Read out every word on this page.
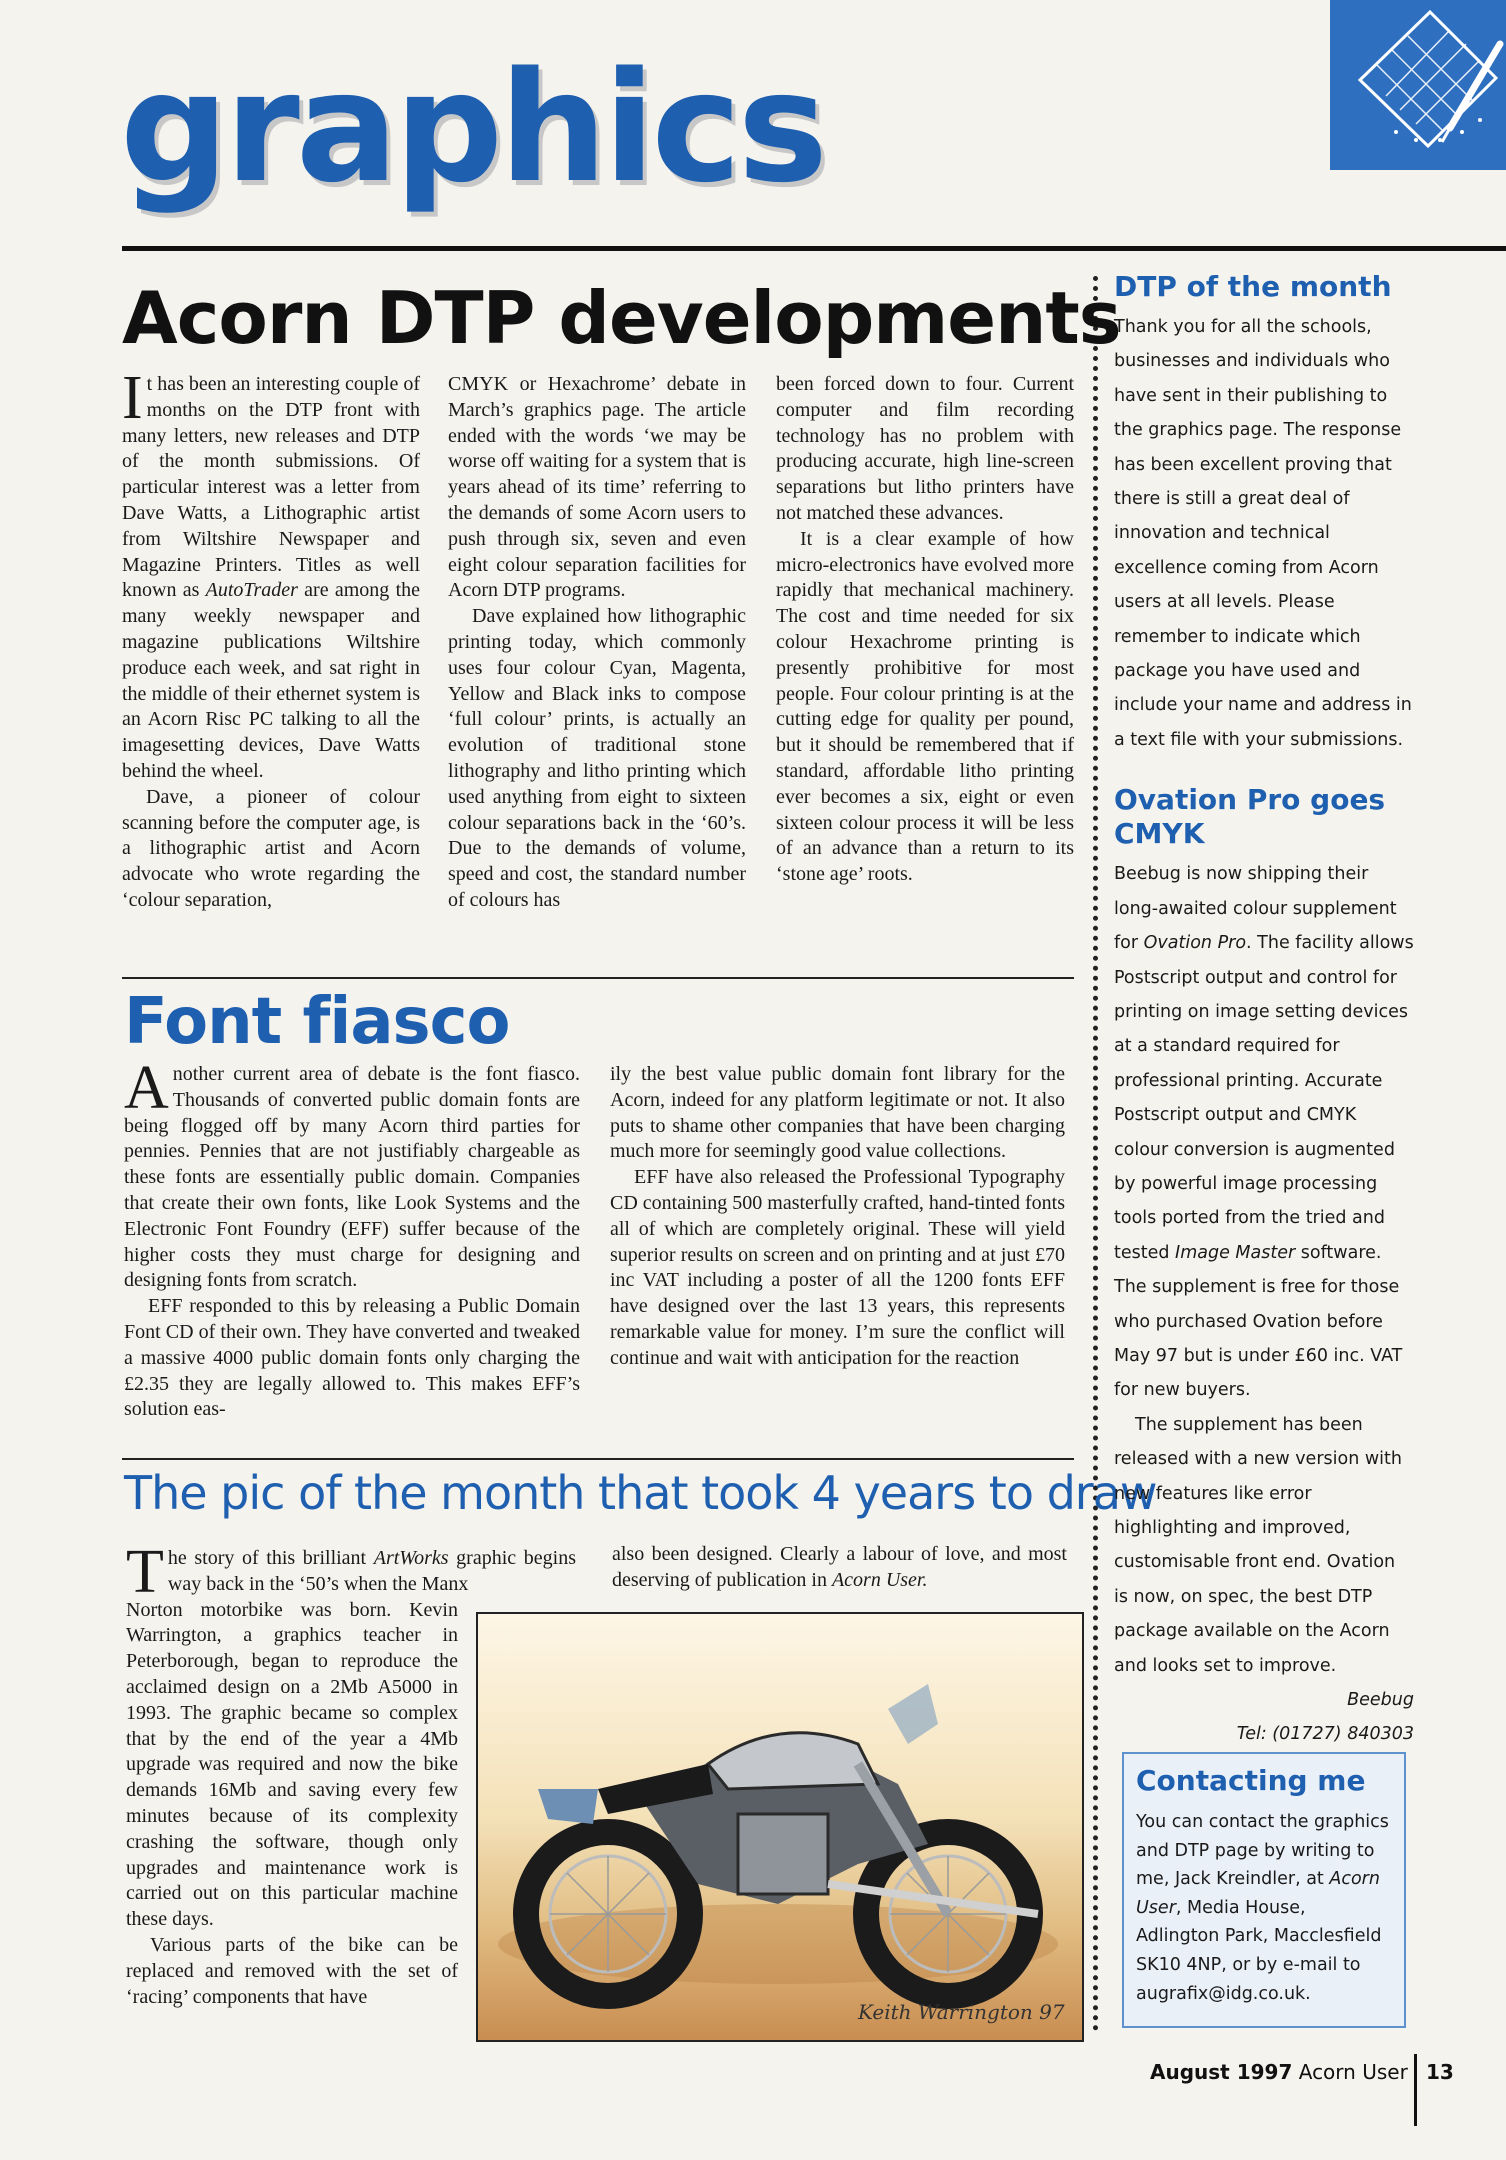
graphics
Acorn DTP developments

It has been an interesting couple of months on the DTP front with many letters, new releases and DTP of the month submissions. Of particular interest was a letter from Dave Watts, a Lithographic artist from Wiltshire Newspaper and Magazine Printers. Titles as well known as AutoTrader are among the many weekly newspaper and magazine publications Wiltshire produce each week, and sat right in the middle of their ethernet system is an Acorn Risc PC talking to all the imagesetting devices, Dave Watts behind the wheel.

Dave, a pioneer of colour scanning before the computer age, is a lithographic artist and Acorn advocate who wrote regarding the ‘colour separation,

CMYK or Hexachrome’ debate in March’s graphics page. The article ended with the words ‘we may be worse off waiting for a system that is years ahead of its time’ referring to the demands of some Acorn users to push through six, seven and even eight colour separation facilities for Acorn DTP programs.

Dave explained how lithographic printing today, which commonly uses four colour Cyan, Magenta, Yellow and Black inks to compose ‘full colour’ prints, is actually an evolution of traditional stone lithography and litho printing which used anything from eight to sixteen colour separations back in the ‘60’s. Due to the demands of volume, speed and cost, the standard number of colours has

been forced down to four. Current computer and film recording technology has no problem with producing accurate, high line-screen separations but litho printers have not matched these advances.

It is a clear example of how micro-electronics have evolved more rapidly that mechanical machinery. The cost and time needed for six colour Hexachrome printing is presently prohibitive for most people. Four colour printing is at the cutting edge for quality per pound, but it should be remembered that if standard, affordable litho printing ever becomes a six, eight or even sixteen colour process it will be less of an advance than a return to its ‘stone age’ roots.

Font fiasco

Another current area of debate is the font fiasco. Thousands of converted public domain fonts are being flogged off by many Acorn third parties for pennies. Pennies that are not justifiably chargeable as these fonts are essentially public domain. Companies that create their own fonts, like Look Systems and the Electronic Font Foundry (EFF) suffer because of the higher costs they must charge for designing and designing fonts from scratch.

EFF responded to this by releasing a Public Domain Font CD of their own. They have converted and tweaked a massive 4000 public domain fonts only charging the £2.35 they are legally allowed to. This makes EFF’s solution eas-

ily the best value public domain font library for the Acorn, indeed for any platform legitimate or not. It also puts to shame other companies that have been charging much more for seemingly good value collections.

EFF have also released the Professional Typography CD containing 500 masterfully crafted, hand-tinted fonts all of which are completely original. These will yield superior results on screen and on printing and at just £70 inc VAT including a poster of all the 1200 fonts EFF have designed over the last 13 years, this represents remarkable value for money. I’m sure the conflict will continue and wait with anticipation for the reaction

The pic of the month that took 4 years to draw

The story of this brilliant ArtWorks graphic begins way back in the ‘50’s when the Manx

Norton motorbike was born. Kevin Warrington, a graphics teacher in Peterborough, began to reproduce the acclaimed design on a 2Mb A5000 in 1993. The graphic became so complex that by the end of the year a 4Mb upgrade was required and now the bike demands 16Mb and saving every few minutes because of its complexity crashing the software, though only upgrades and maintenance work is carried out on this particular machine these days.

Various parts of the bike can be replaced and removed with the set of ‘racing’ components that have

also been designed. Clearly a labour of love, and most deserving of publication in Acorn User.

Keith Warrington 97
DTP of the month

Thank you for all the schools, businesses and individuals who have sent in their publishing to the graphics page. The response has been excellent proving that there is still a great deal of innovation and technical excellence coming from Acorn users at all levels. Please remember to indicate which package you have used and include your name and address in a text file with your submissions.

Ovation Pro goes CMYK

Beebug is now shipping their long-awaited colour supplement for Ovation Pro. The facility allows Postscript output and control for printing on image setting devices at a standard required for professional printing. Accurate Postscript output and CMYK colour conversion is augmented by powerful image processing tools ported from the tried and tested Image Master software. The supplement is free for those who purchased Ovation before May 97 but is under £60 inc. VAT for new buyers.

The supplement has been released with a new version with new features like error highlighting and improved, customisable front end. Ovation is now, on spec, the best DTP package available on the Acorn and looks set to improve.

Beebug

Tel: (01727) 840303

Contacting me

You can contact the graphics and DTP page by writing to me, Jack Kreindler, at Acorn User, Media House, Adlington Park, Macclesfield SK10 4NP, or by e-mail to augrafix@idg.co.uk.

August 1997 Acorn User 13
